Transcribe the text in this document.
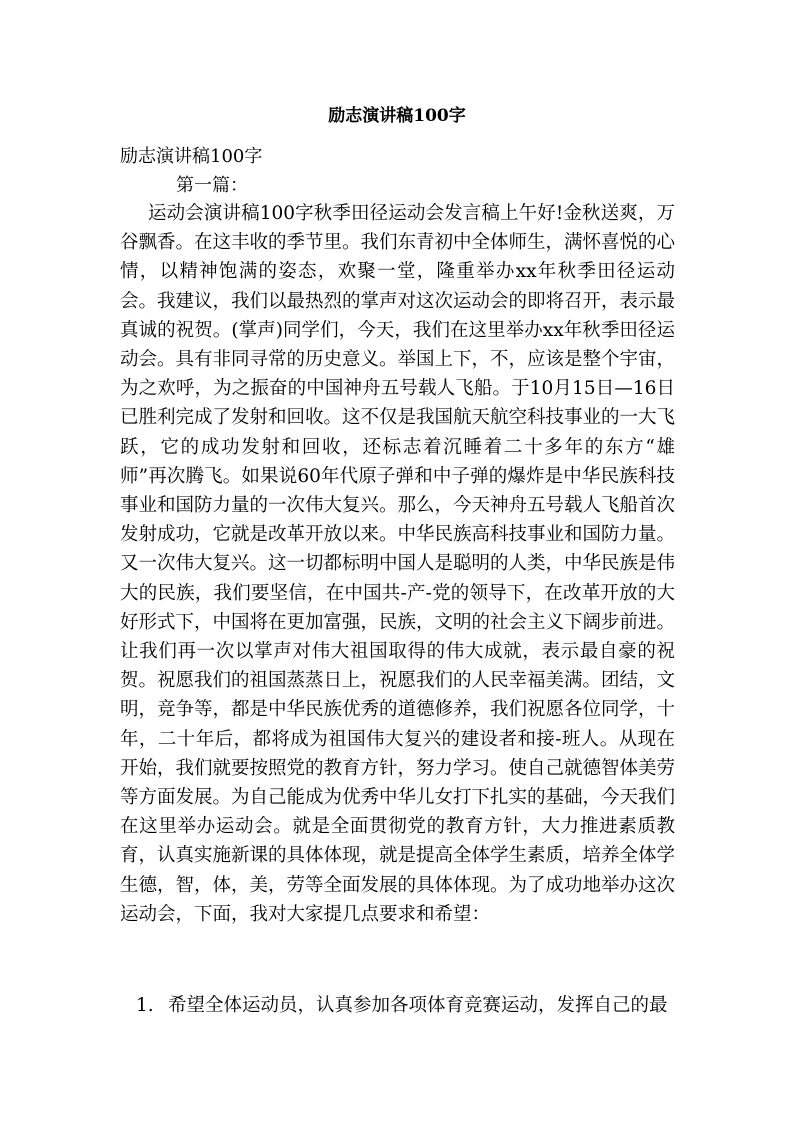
励志演讲稿100字
励志演讲稿100字
第一篇：
运动会演讲稿100字秋季田径运动会发言稿上午好!金秋送爽，万谷飘香。在这丰收的季节里。我们东青初中全体师生，满怀喜悦的心情，以精神饱满的姿态，欢聚一堂，隆重举办xx年秋季田径运动会。我建议，我们以最热烈的掌声对这次运动会的即将召开，表示最真诚的祝贺。(掌声)同学们，今天，我们在这里举办xx年秋季田径运动会。具有非同寻常的历史意义。举国上下，不，应该是整个宇宙，为之欢呼，为之振奋的中国神舟五号载人飞船。于10月15日—16日已胜利完成了发射和回收。这不仅是我国航天航空科技事业的一大飞跃，它的成功发射和回收，还标志着沉睡着二十多年的东方“雄师”再次腾飞。如果说60年代原子弹和中子弹的爆炸是中华民族科技事业和国防力量的一次伟大复兴。那么，今天神舟五号载人飞船首次发射成功，它就是改革开放以来。中华民族高科技事业和国防力量。又一次伟大复兴。这一切都标明中国人是聪明的人类，中华民族是伟大的民族，我们要坚信，在中国共-产-党的领导下，在改革开放的大好形式下，中国将在更加富强，民族，文明的社会主义下阔步前进。让我们再一次以掌声对伟大祖国取得的伟大成就，表示最自豪的祝贺。祝愿我们的祖国蒸蒸日上，祝愿我们的人民幸福美满。团结，文明，竞争等，都是中华民族优秀的道德修养，我们祝愿各位同学，十年，二十年后，都将成为祖国伟大复兴的建设者和接-班人。从现在开始，我们就要按照党的教育方针，努力学习。使自己就德智体美劳等方面发展。为自己能成为优秀中华儿女打下扎实的基础，今天我们在这里举办运动会。就是全面贯彻党的教育方针，大力推进素质教育，认真实施新课的具体体现，就是提高全体学生素质，培养全体学生德，智，体，美，劳等全面发展的具体体现。为了成功地举办这次运动会，下面，我对大家提几点要求和希望：
1. 希望全体运动员，认真参加各项体育竞赛运动，发挥自己的最
